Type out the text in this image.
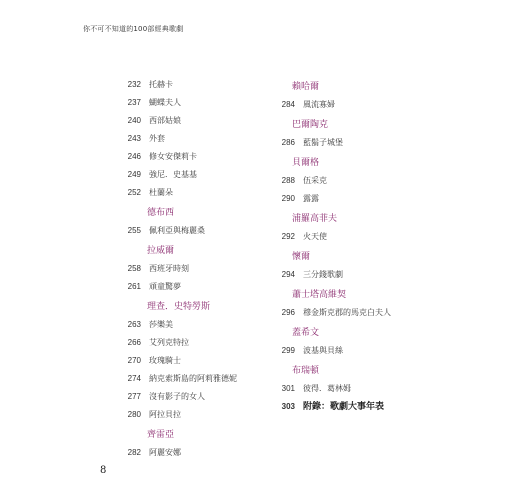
你不可不知道的100部經典歌劇
232 托赫卡
237 蝴蝶夫人
240 西部姑娘
243 外套
246 修女安傑莉卡
249 強尼．史基基
252 杜蘭朵
德布西
255 佩利亞與梅麗桑
拉威爾
258 西班牙時刻
261 頑童驚夢
理查．史特勞斯
263 莎樂美
266 艾列克特拉
270 玫瑰騎士
274 納克索斯島的阿莉雅德妮
277 沒有影子的女人
280 阿拉貝拉
齊雷亞
282 阿麗安娜
賴哈爾
284 風流寡婦
巴爾陶克
286 藍鬍子城堡
貝爾格
288 伍采克
290 露露
浦羅高菲夫
292 火天使
懷爾
294 三分錢歌劇
蕭士塔高維契
296 穆金斯克郡的馬克白夫人
蓋希文
299 波基與貝絲
布瑞頓
301 彼得．葛林姆
303 附錄：歌劇大事年表
8
